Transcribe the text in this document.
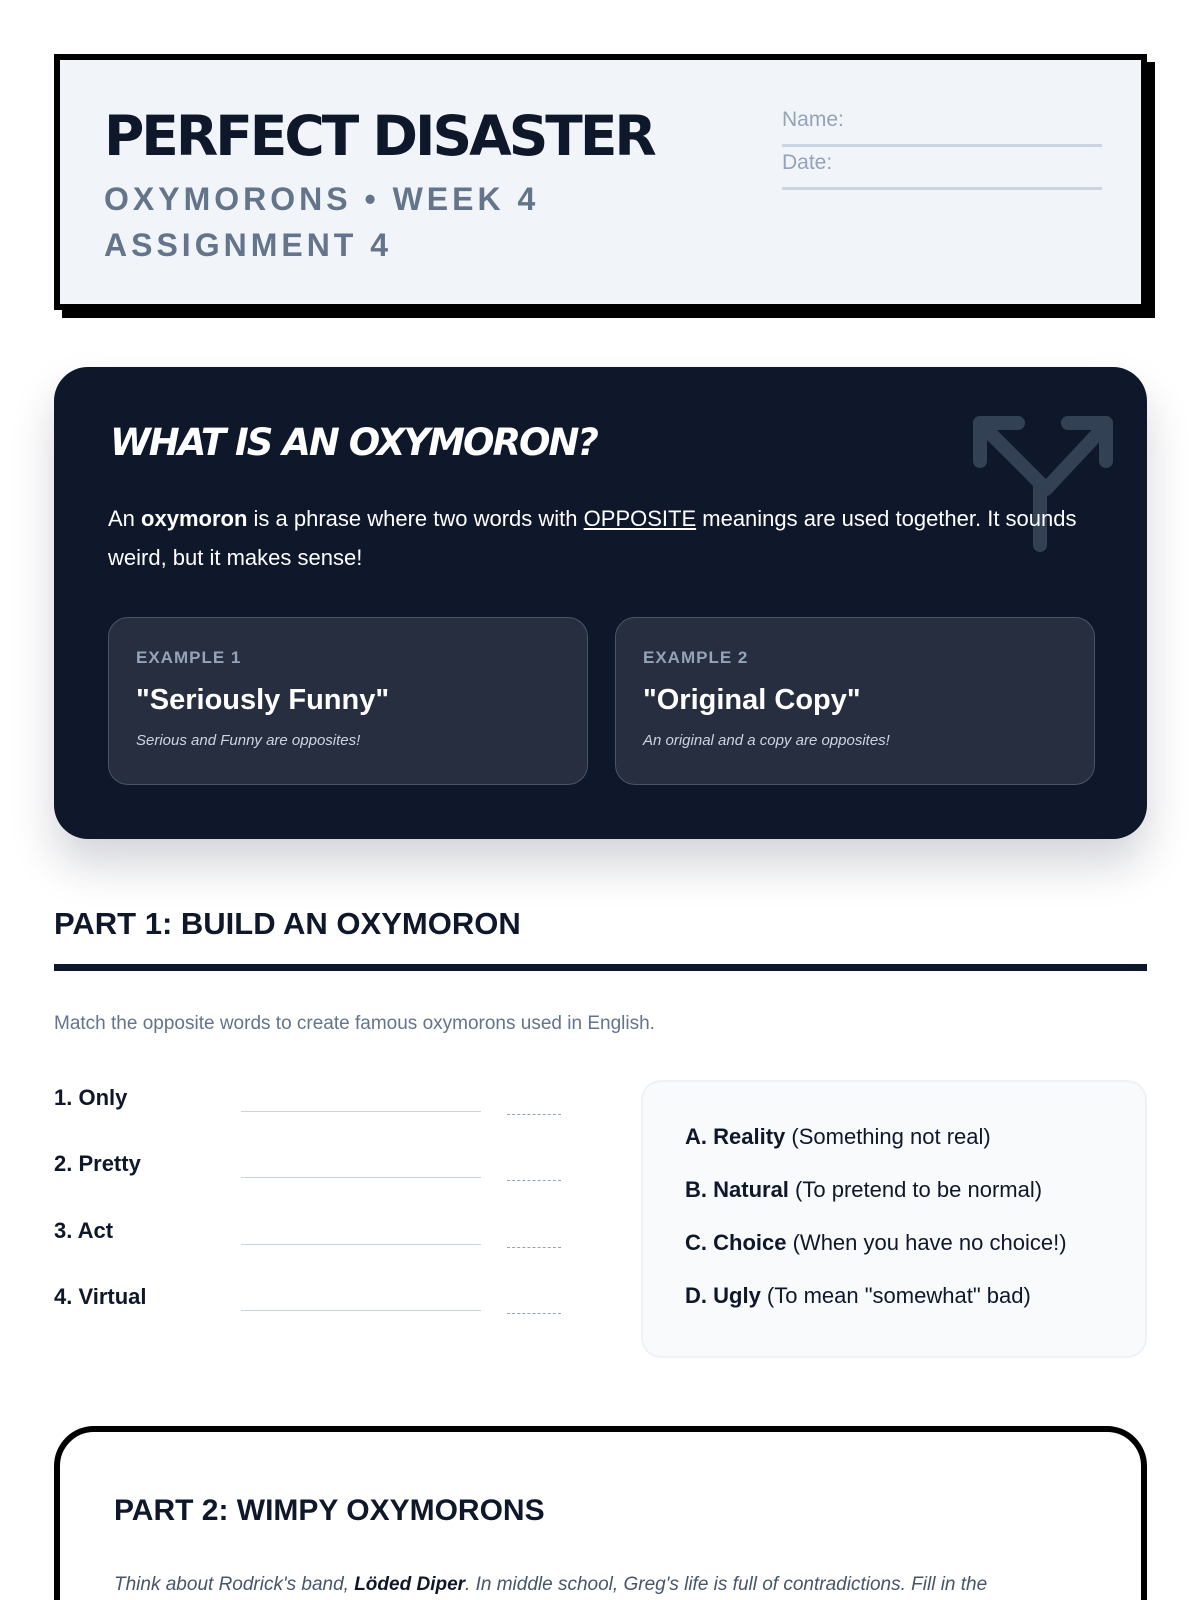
PERFECT DISASTER
OXYMORONS • WEEK 4
ASSIGNMENT 4
Name:
Date:
WHAT IS AN OXYMORON?
An oxymoron is a phrase where two words with OPPOSITE meanings are used together. It sounds weird, but it makes sense!
EXAMPLE 1
"Seriously Funny"
Serious and Funny are opposites!
EXAMPLE 2
"Original Copy"
An original and a copy are opposites!
PART 1: BUILD AN OXYMORON
Match the opposite words to create famous oxymorons used in English.
1. Only
2. Pretty
3. Act
4. Virtual
A. Reality (Something not real)
B. Natural (To pretend to be normal)
C. Choice (When you have no choice!)
D. Ugly (To mean "somewhat" bad)
PART 2: WIMPY OXYMORONS
Think about Rodrick's band, Löded Diper. In middle school, Greg's life is full of contradictions. Fill in the
